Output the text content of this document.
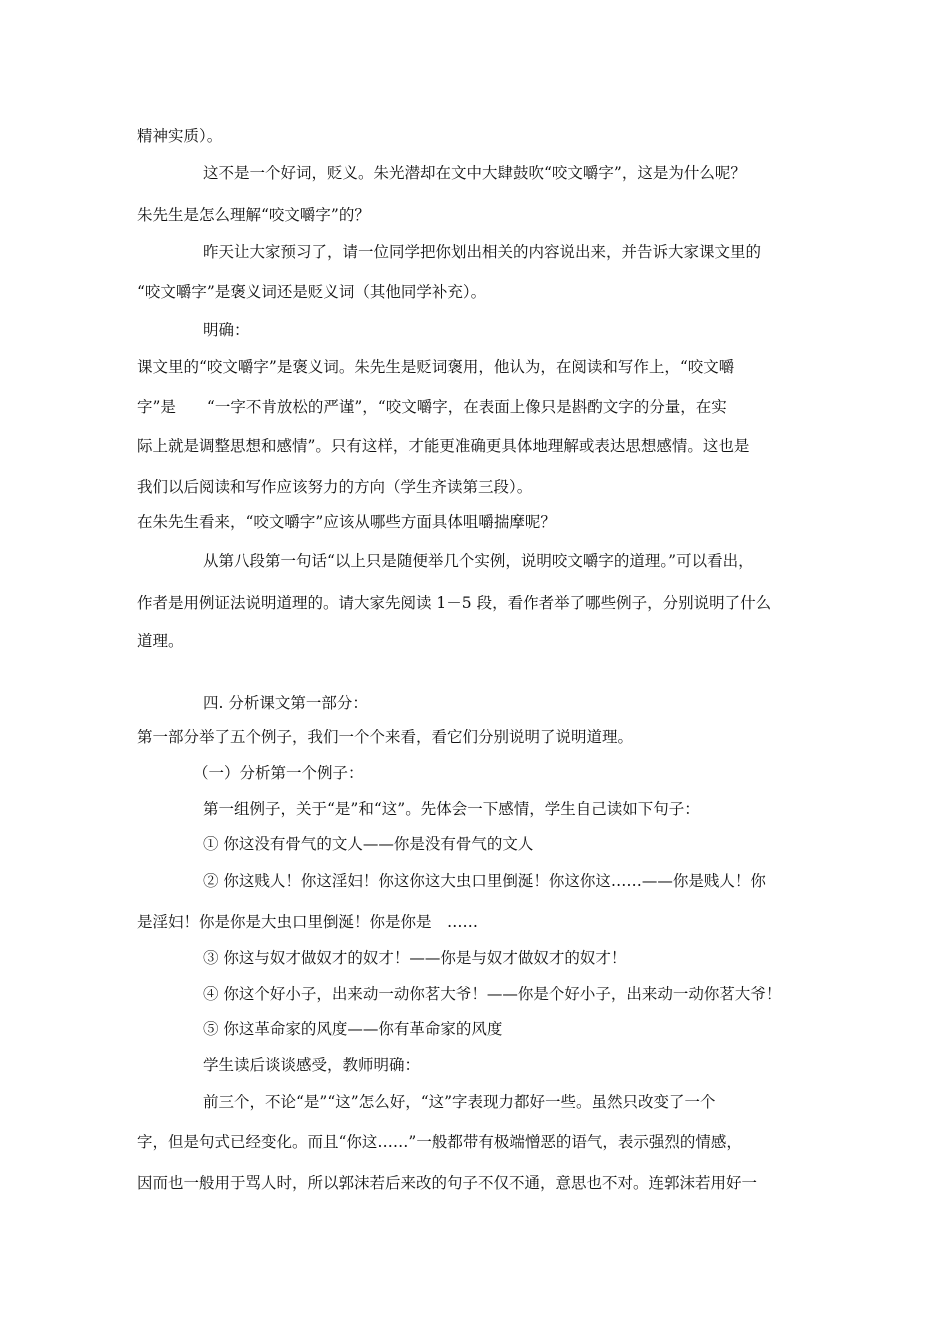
精神实质）。

这不是一个好词，贬义。朱光潜却在文中大肆鼓吹“咬文嚼字”，这是为什么呢？

朱先生是怎么理解“咬文嚼字”的？

昨天让大家预习了，请一位同学把你划出相关的内容说出来，并告诉大家课文里的

“咬文嚼字”是褒义词还是贬义词（其他同学补充）。

明确：

课文里的“咬文嚼字”是褒义词。朱先生是贬词褒用，他认为，在阅读和写作上，“咬文嚼

字”是　　“一字不肯放松的严谨”，“咬文嚼字，在表面上像只是斟酌文字的分量，在实

际上就是调整思想和感情”。只有这样，才能更准确更具体地理解或表达思想感情。这也是

我们以后阅读和写作应该努力的方向（学生齐读第三段）。

在朱先生看来，“咬文嚼字”应该从哪些方面具体咀嚼揣摩呢？

从第八段第一句话“以上只是随便举几个实例，说明咬文嚼字的道理。”可以看出，

作者是用例证法说明道理的。请大家先阅读 1－5 段，看作者举了哪些例子，分别说明了什么

道理。

四. 分析课文第一部分：

第一部分举了五个例子，我们一个个来看，看它们分别说明了说明道理。

（一）分析第一个例子：

第一组例子，关于“是”和“这”。先体会一下感情，学生自己读如下句子：

① 你这没有骨气的文人——你是没有骨气的文人

② 你这贱人！你这淫妇！你这你这大虫口里倒涎！你这你这……——你是贱人！你

是淫妇！你是你是大虫口里倒涎！你是你是　……

③ 你这与奴才做奴才的奴才！——你是与奴才做奴才的奴才！

④ 你这个好小子，出来动一动你茗大爷！——你是个好小子，出来动一动你茗大爷！

⑤ 你这革命家的风度——你有革命家的风度

学生读后谈谈感受，教师明确：

前三个，不论“是”“这”怎么好，“这”字表现力都好一些。虽然只改变了一个

字，但是句式已经变化。而且“你这……”一般都带有极端憎恶的语气，表示强烈的情感，

因而也一般用于骂人时，所以郭沫若后来改的句子不仅不通，意思也不对。连郭沫若用好一
